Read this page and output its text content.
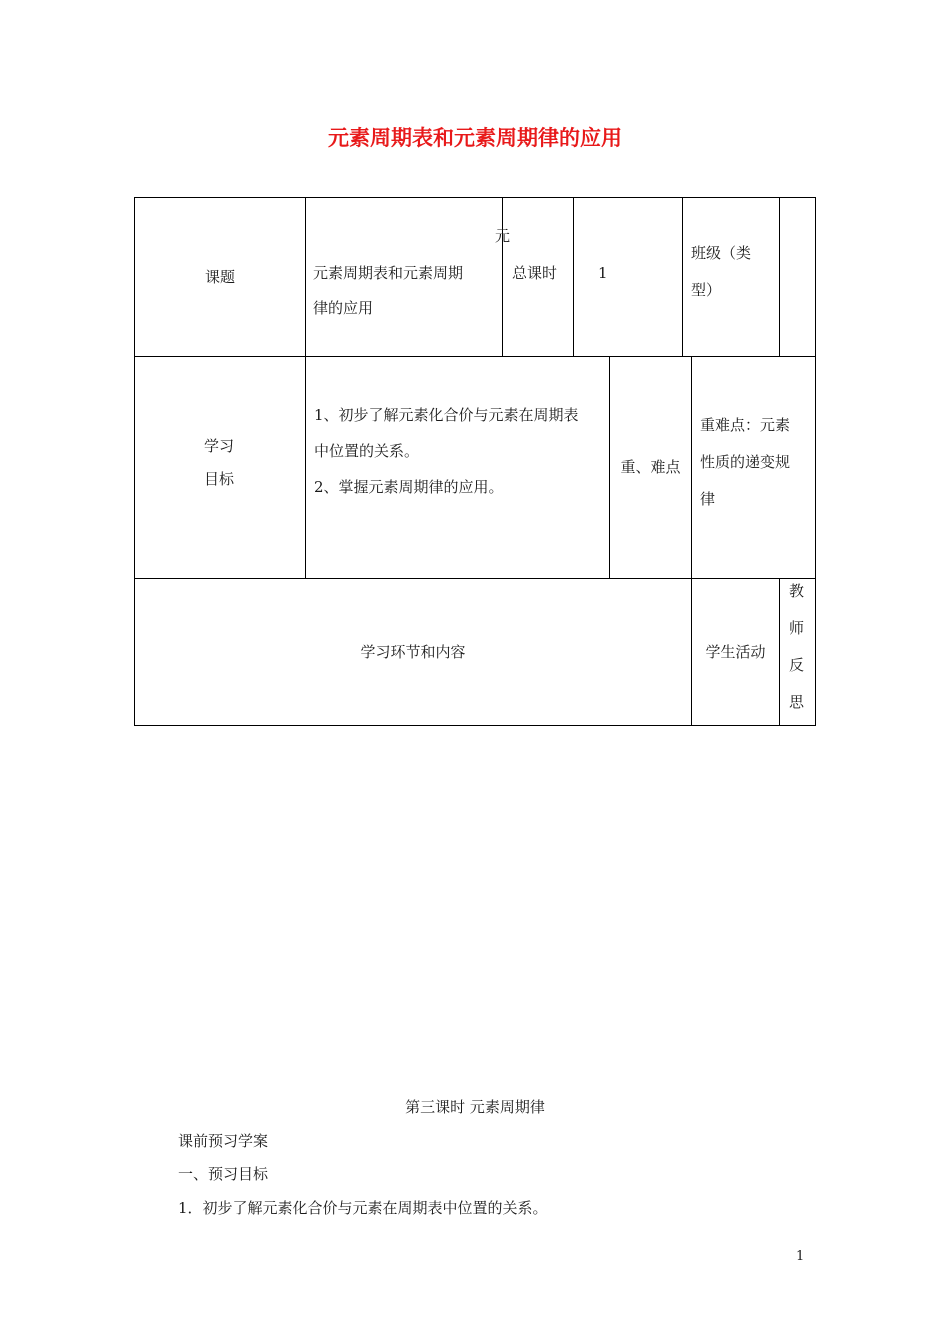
元素周期表和元素周期律的应用
课题
元
元素周期表和元素周期
律的应用
总课时	1
班级（类
型）
学习
目标
1、初步了解元素化合价与元素在周期表
中位置的关系。
2、掌握元素周期律的应用。
重、难点
重难点：元素
性质的递变规
律
学习环节和内容	学生活动
教
师
反
思
第三课时 元素周期律
课前预习学案
一、预习目标
1．初步了解元素化合价与元素在周期表中位置的关系。
1
